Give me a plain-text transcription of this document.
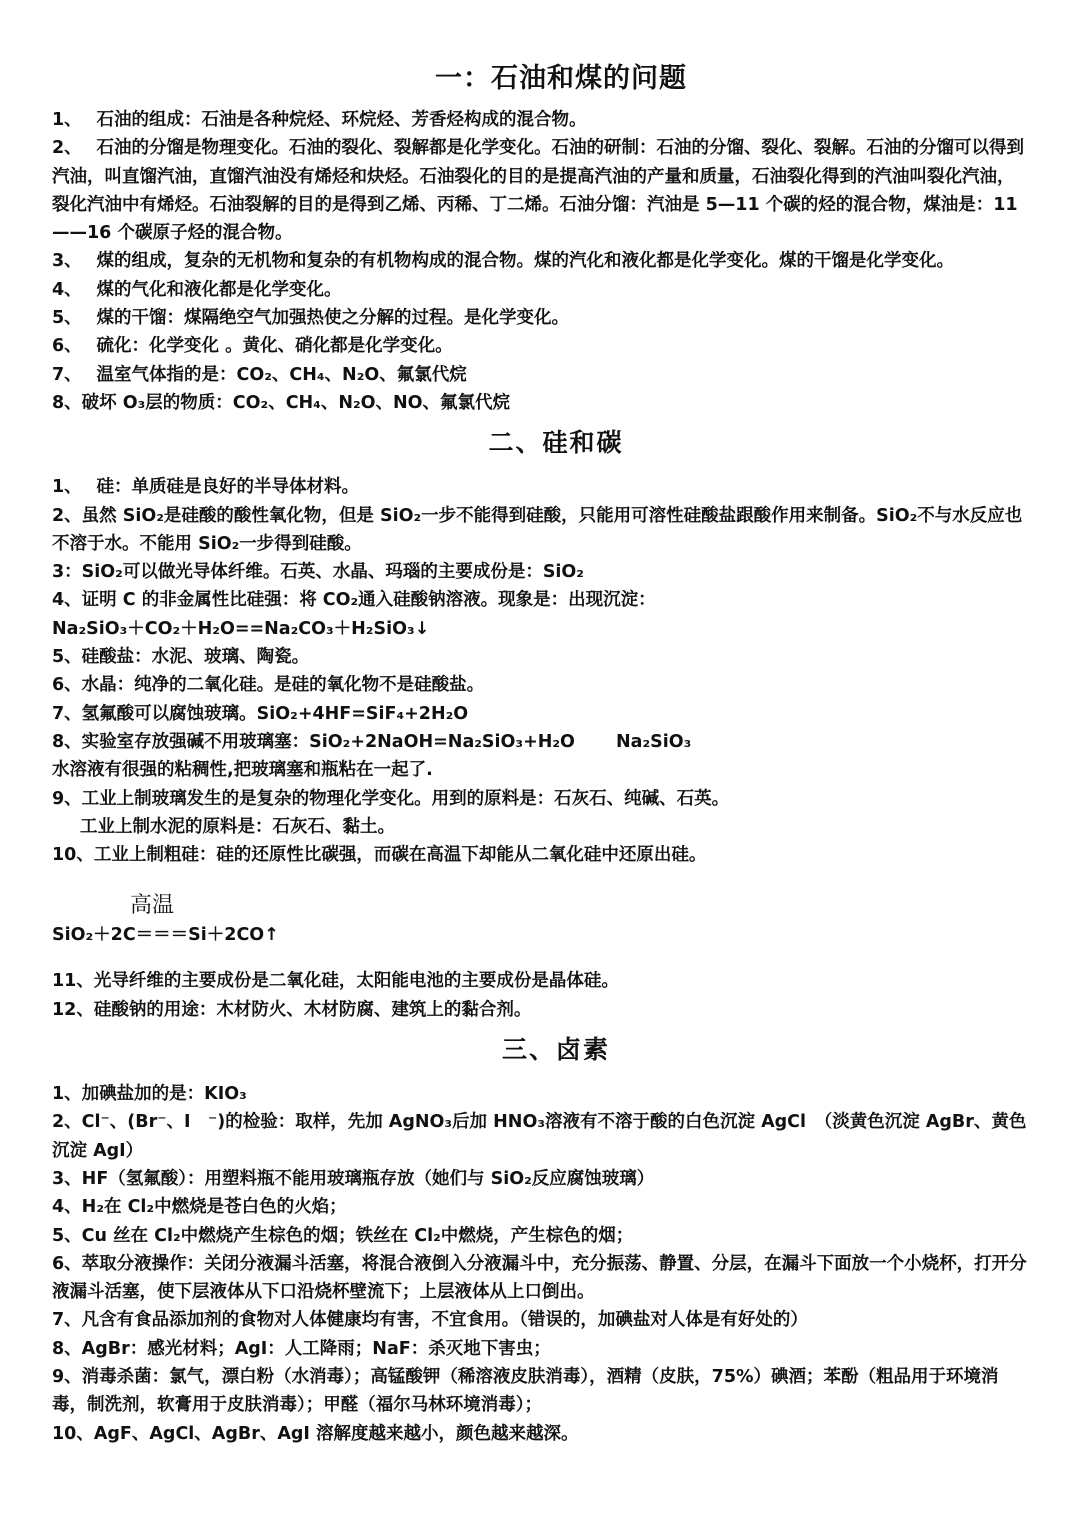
一：石油和煤的问题

1、　 石油的组成：石油是各种烷烃、环烷烃、芳香烃构成的混合物。

2、　 石油的分馏是物理变化。石油的裂化、裂解都是化学变化。石油的研制：石油的分馏、裂化、裂解。石油的分馏可以得到汽油，叫直馏汽油，直馏汽油没有烯烃和炔烃。石油裂化的目的是提高汽油的产量和质量，石油裂化得到的汽油叫裂化汽油，裂化汽油中有烯烃。石油裂解的目的是得到乙烯、丙稀、丁二烯。石油分馏：汽油是 5—11 个碳的烃的混合物，煤油是：11——16 个碳原子烃的混合物。

3、　 煤的组成，复杂的无机物和复杂的有机物构成的混合物。煤的汽化和液化都是化学变化。煤的干馏是化学变化。

4、　 煤的气化和液化都是化学变化。

5、　 煤的干馏：煤隔绝空气加强热使之分解的过程。是化学变化。

6、　 硫化：化学变化 。黄化、硝化都是化学变化。

7、　 温室气体指的是：CO₂、CH₄、N₂O、氟氯代烷

8、破坏 O₃层的物质：CO₂、CH₄、N₂O、NO、氟氯代烷

二、硅和碳

1、　 硅：单质硅是良好的半导体材料。

2、虽然 SiO₂是硅酸的酸性氧化物，但是 SiO₂一步不能得到硅酸，只能用可溶性硅酸盐跟酸作用来制备。SiO₂不与水反应也不溶于水。不能用 SiO₂一步得到硅酸。

3：SiO₂可以做光导体纤维。石英、水晶、玛瑙的主要成份是：SiO₂

4、证明 C 的非金属性比硅强：将 CO₂通入硅酸钠溶液。现象是：出现沉淀：

Na₂SiO₃＋CO₂＋H₂O==Na₂CO₃＋H₂SiO₃↓

5、硅酸盐：水泥、玻璃、陶瓷。

6、水晶：纯净的二氧化硅。是硅的氧化物不是硅酸盐。

7、氢氟酸可以腐蚀玻璃。SiO₂+4HF=SiF₄+2H₂O

8、实验室存放强碱不用玻璃塞：SiO₂+2NaOH=Na₂SiO₃+H₂O　　 Na₂SiO₃

水溶液有很强的粘稠性,把玻璃塞和瓶粘在一起了.

9、工业上制玻璃发生的是复杂的物理化学变化。用到的原料是：石灰石、纯碱、石英。

工业上制水泥的原料是：石灰石、黏土。

10、工业上制粗硅：硅的还原性比碳强，而碳在高温下却能从二氧化硅中还原出硅。

高温
SiO₂＋2C＝＝＝Si＋2CO↑

11、光导纤维的主要成份是二氧化硅，太阳能电池的主要成份是晶体硅。

12、硅酸钠的用途：木材防火、木材防腐、建筑上的黏合剂。

三、卤素

1、加碘盐加的是：KIO₃

2、Cl⁻、(Br⁻、I　⁻)的检验：取样，先加 AgNO₃后加 HNO₃溶液有不溶于酸的白色沉淀 AgCl　（淡黄色沉淀 AgBr、黄色沉淀 AgI）

3、HF（氢氟酸）：用塑料瓶不能用玻璃瓶存放（她们与 SiO₂反应腐蚀玻璃）

4、H₂在 Cl₂中燃烧是苍白色的火焰；

5、Cu 丝在 Cl₂中燃烧产生棕色的烟；铁丝在 Cl₂中燃烧，产生棕色的烟；

6、萃取分液操作：关闭分液漏斗活塞，将混合液倒入分液漏斗中，充分振荡、静置、分层，在漏斗下面放一个小烧杯，打开分液漏斗活塞，使下层液体从下口沿烧杯壁流下；上层液体从上口倒出。

7、凡含有食品添加剂的食物对人体健康均有害，不宜食用。（错误的，加碘盐对人体是有好处的）

8、AgBr：感光材料；AgI：人工降雨；NaF：杀灭地下害虫；

9、消毒杀菌：氯气，漂白粉（水消毒）；高锰酸钾（稀溶液皮肤消毒），酒精（皮肤，75%）碘酒；苯酚（粗品用于环境消毒，制洗剂，软膏用于皮肤消毒）；甲醛（福尔马林环境消毒）；

10、AgF、AgCl、AgBr、AgI 溶解度越来越小，颜色越来越深。
